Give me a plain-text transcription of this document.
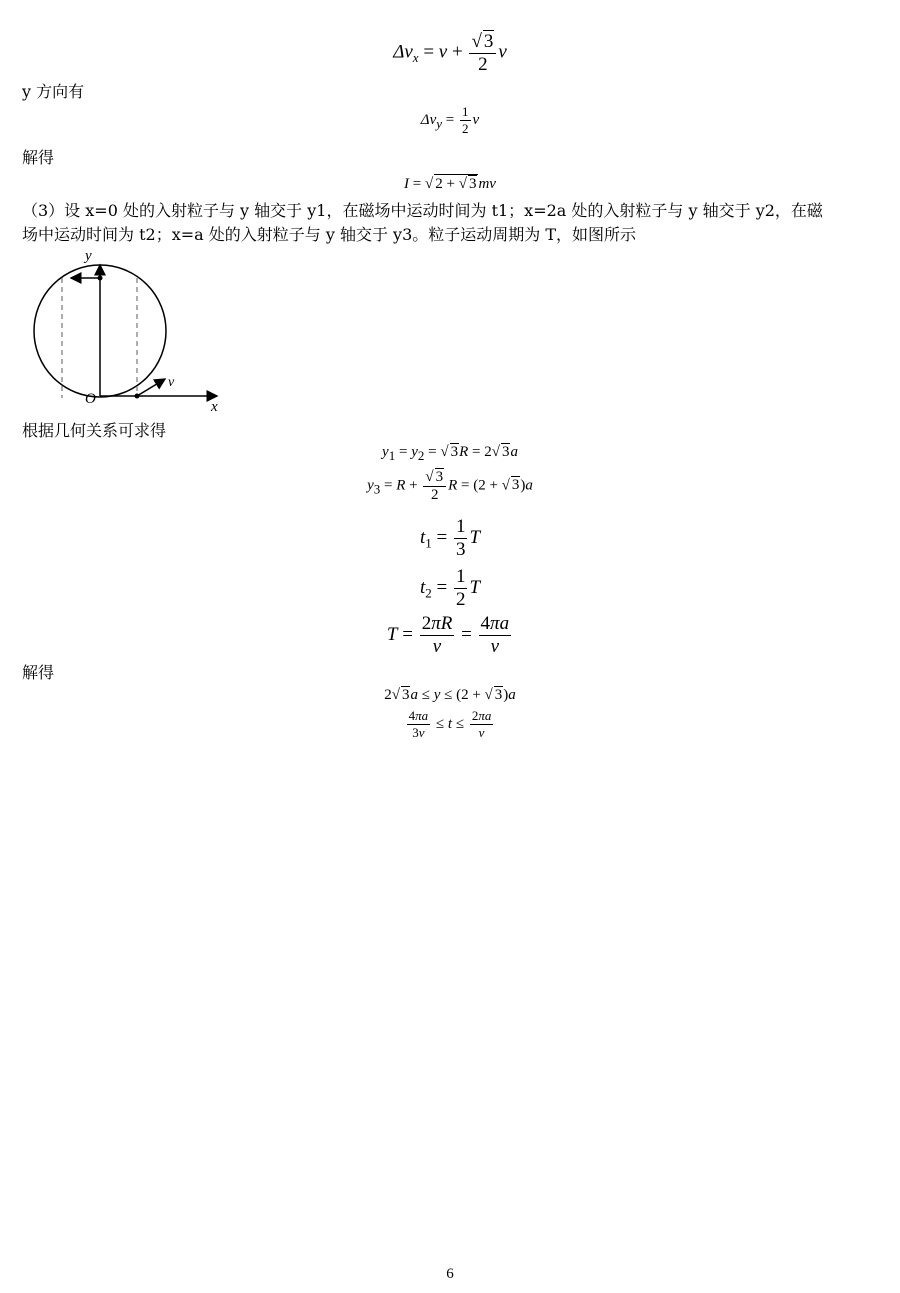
$\Delta v_x = v + \frac{√ 3}{2}$ v
y 方向有
$\Delta v_y = \frac{1}{2}$ v
解得
I = √ 2 + √ 3 mv
（3）设 x=0 处的入射粒子与 y 轴交于 y1，在磁场中运动时间为 t1；x=2a 处的入射粒子与 y 轴交于 y2，在磁
场中运动时间为 t2；x=a 处的入射粒子与 y 轴交于 y3。粒子运动周期为 T，如图所示
y
x
O
v
根据几何关系可求得
$y_1 = y_2$ = √ 3R = 2√ 3a
$y_3 = R + \frac{√ 3}{2}$ R = (2 + √ 3)a
$t_1 = \frac{1}{3}$ T
$t_2 = \frac{1}{2}$ T
$T = \frac{2\pi R}{v} = \frac{4\pi a}{v}$
解得
2√ 3a ≤ y ≤ (2 + √ 3)a
$\frac{4\pi a}{3v} \le t \le \frac{2\pi a}{v}$
6
